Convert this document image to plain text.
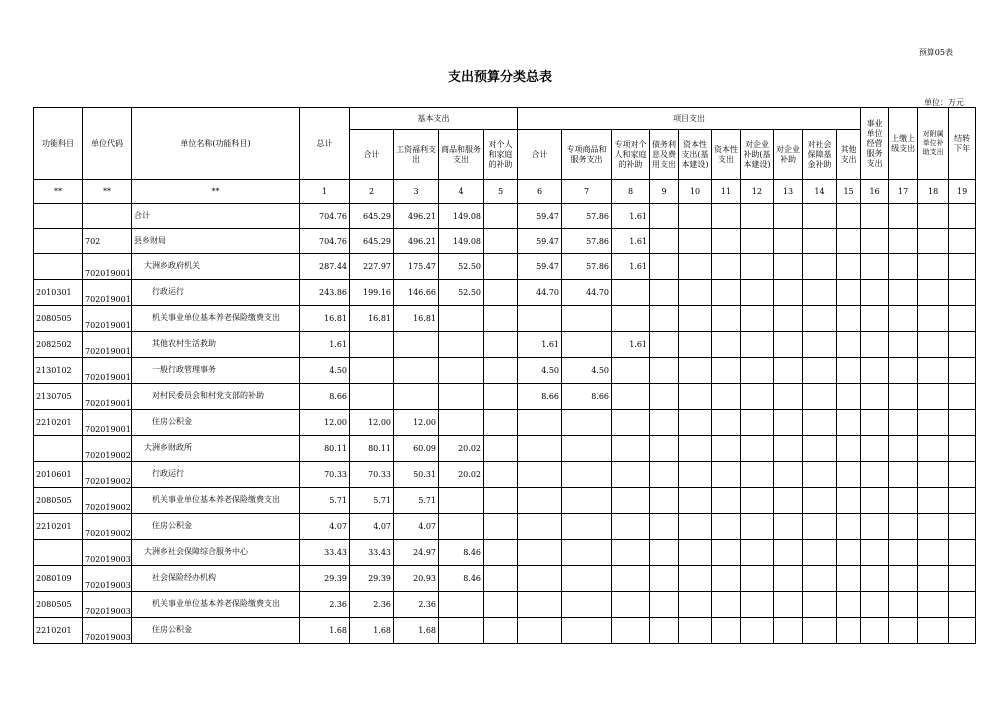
预算05表
支出预算分类总表
单位：万元
功能科目	单位代码	单位名称(功能科目)	总计	基本支出				项目支出										事业单位经营服务支出	上缴上级支出	对附属单位补助支出	结转下年
				合计	工资福利支出	商品和服务支出	对个人和家庭的补助	合计	专项商品和服务支出	专项对个人和家庭的补助	债务利息及费用支出	资本性支出(基本建设)	资本性支出	对企业补助(基本建设)	对企业补助	对社会保障基金补助	其他支出				
**	**	**	1	2	3	4	5	6	7	8	9	10	11	12	13	14	15	16	17	18	19

		合计	704.76	645.29	496.21	149.08		59.47	57.86	1.61											
	702	县乡财局	704.76	645.29	496.21	149.08		59.47	57.86	1.61											
	702019001	大洲乡政府机关	287.44	227.97	175.47	52.50		59.47	57.86	1.61											
2010301	702019001	行政运行	243.86	199.16	146.66	52.50		44.70	44.70												
2080505	702019001	机关事业单位基本养老保险缴费支出	16.81	16.81	16.81																
2082502	702019001	其他农村生活救助	1.61					1.61		1.61											
2130102	702019001	一般行政管理事务	4.50					4.50	4.50												
2130705	702019001	对村民委员会和村党支部的补助	8.66					8.66	8.66												
2210201	702019001	住房公积金	12.00	12.00	12.00																
	702019002	大洲乡财政所	80.11	80.11	60.09	20.02															
2010601	702019002	行政运行	70.33	70.33	50.31	20.02															
2080505	702019002	机关事业单位基本养老保险缴费支出	5.71	5.71	5.71																
2210201	702019002	住房公积金	4.07	4.07	4.07																
	702019003	大洲乡社会保障综合服务中心	33.43	33.43	24.97	8.46															
2080109	702019003	社会保险经办机构	29.39	29.39	20.93	8.46															
2080505	702019003	机关事业单位基本养老保险缴费支出	2.36	2.36	2.36																
2210201	702019003	住房公积金	1.68	1.68	1.68																
